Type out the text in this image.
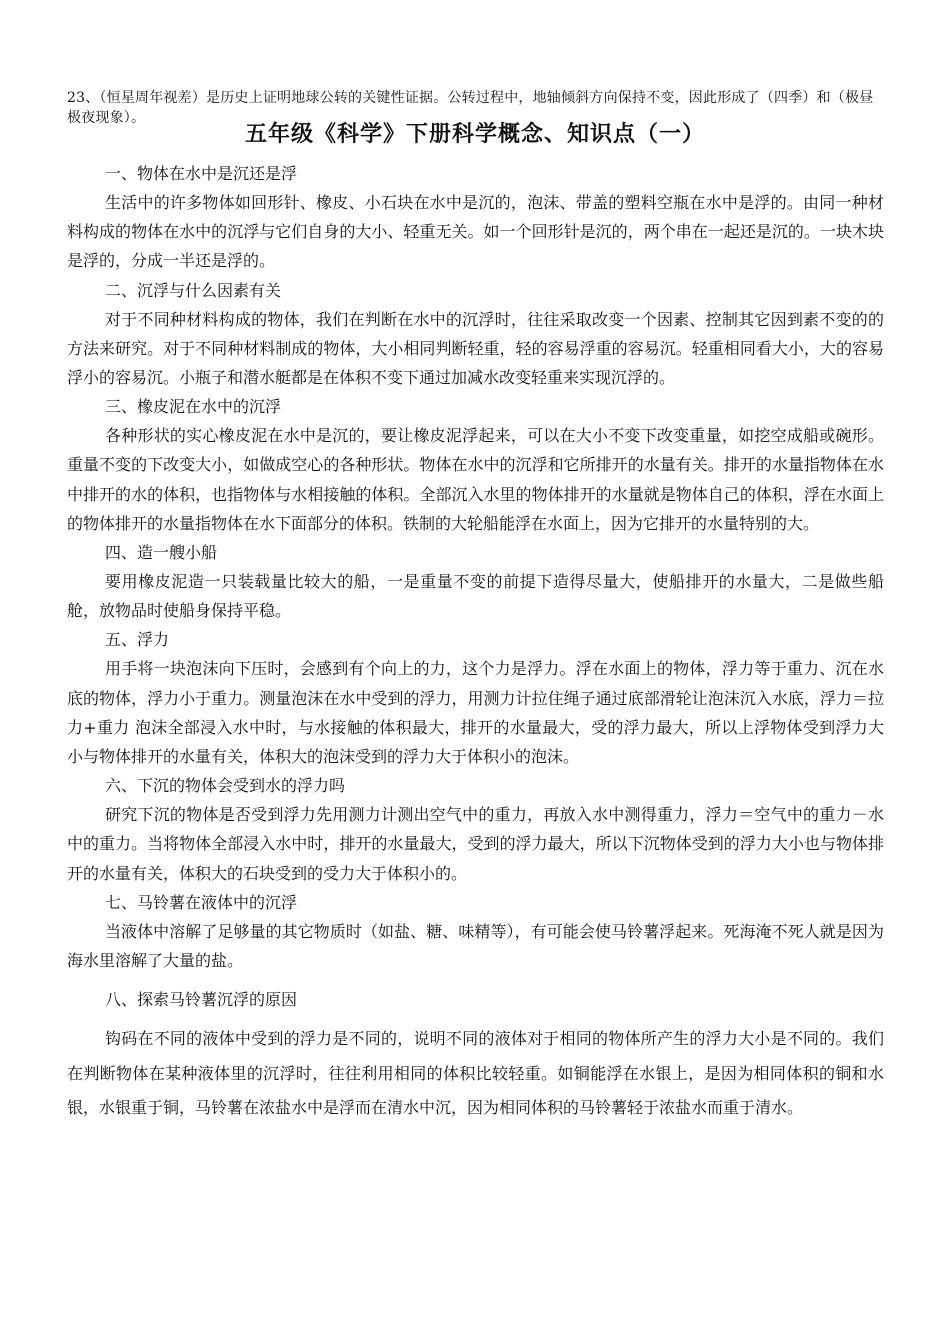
23、（恒星周年视差）是历史上证明地球公转的关键性证据。公转过程中，地轴倾斜方向保持不变，因此形成了（四季）和（极昼极夜现象）。
五年级《科学》下册科学概念、知识点（一）

一、物体在水中是沉还是浮

生活中的许多物体如回形针、橡皮、小石块在水中是沉的，泡沫、带盖的塑料空瓶在水中是浮的。由同一种材料构成的物体在水中的沉浮与它们自身的大小、轻重无关。如一个回形针是沉的，两个串在一起还是沉的。一块木块是浮的，分成一半还是浮的。

二、沉浮与什么因素有关

对于不同种材料构成的物体，我们在判断在水中的沉浮时，往往采取改变一个因素、控制其它因到素不变的的方法来研究。对于不同种材料制成的物体，大小相同判断轻重，轻的容易浮重的容易沉。轻重相同看大小，大的容易浮小的容易沉。小瓶子和潜水艇都是在体积不变下通过加减水改变轻重来实现沉浮的。

三、橡皮泥在水中的沉浮

各种形状的实心橡皮泥在水中是沉的，要让橡皮泥浮起来，可以在大小不变下改变重量，如挖空成船或碗形。重量不变的下改变大小，如做成空心的各种形状。物体在水中的沉浮和它所排开的水量有关。排开的水量指物体在水中排开的水的体积，也指物体与水相接触的体积。全部沉入水里的物体排开的水量就是物体自己的体积，浮在水面上的物体排开的水量指物体在水下面部分的体积。铁制的大轮船能浮在水面上，因为它排开的水量特别的大。

四、造一艘小船

要用橡皮泥造一只装载量比较大的船，一是重量不变的前提下造得尽量大，使船排开的水量大，二是做些船舱，放物品时使船身保持平稳。

五、浮力

用手将一块泡沫向下压时，会感到有个向上的力，这个力是浮力。浮在水面上的物体，浮力等于重力、沉在水底的物体，浮力小于重力。测量泡沫在水中受到的浮力，用测力计拉住绳子通过底部滑轮让泡沫沉入水底，浮力＝拉力+重力 泡沫全部浸入水中时，与水接触的体积最大，排开的水量最大，受的浮力最大，所以上浮物体受到浮力大小与物体排开的水量有关，体积大的泡沫受到的浮力大于体积小的泡沫。

六、下沉的物体会受到水的浮力吗

研究下沉的物体是否受到浮力先用测力计测出空气中的重力，再放入水中测得重力，浮力＝空气中的重力－水中的重力。当将物体全部浸入水中时，排开的水量最大，受到的浮力最大，所以下沉物体受到的浮力大小也与物体排开的水量有关，体积大的石块受到的受力大于体积小的。

七、马铃薯在液体中的沉浮

当液体中溶解了足够量的其它物质时（如盐、糖、味精等），有可能会使马铃薯浮起来。死海淹不死人就是因为海水里溶解了大量的盐。

八、探索马铃薯沉浮的原因

钩码在不同的液体中受到的浮力是不同的，说明不同的液体对于相同的物体所产生的浮力大小是不同的。我们在判断物体在某种液体里的沉浮时，往往利用相同的体积比较轻重。如铜能浮在水银上，是因为相同体积的铜和水银，水银重于铜，马铃薯在浓盐水中是浮而在清水中沉，因为相同体积的马铃薯轻于浓盐水而重于清水。
